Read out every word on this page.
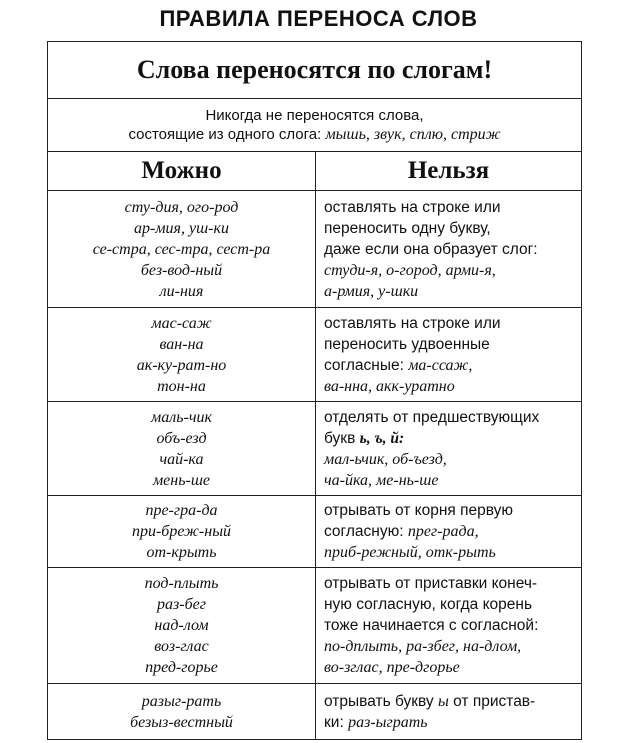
ПРАВИЛА ПЕРЕНОСА СЛОВ
Слова переносятся по слогам!	

Никогда не переносятся слова,
состоящие из одного слога: мышь, звук, сплю, стриж	

Можно	Нельзя

сту-дия, ого-род
ар-мия, уш-ки
се-стра, сес-тра, сест-ра
без-вод-ный
ли-ния	оставлять на строке или
переносить одну букву,
даже если она образует слог:
студи-я, о-город, арми-я,
а-рмия, у-шки

мас-саж
ван-на
ак-ку-рат-но
тон-на	оставлять на строке или
переносить удвоенные
согласные: ма-ссаж,
ва-нна, акк-уратно

маль-чик
объ-езд
чай-ка
мень-ше	отделять от предшествующих
букв ь, ъ, й:
мал-ьчик, об-ъезд,
ча-йка, ме-нь-ше

пре-гра-да
при-бреж-ный
от-крыть	отрывать от корня первую
согласную: прег-рада,
приб-режный, отк-рыть

под-плыть
раз-бег
над-лом
воз-глас
пред-горье	отрывать от приставки конеч-
ную согласную, когда корень
тоже начинается с согласной:
по-дплыть, ра-збег, на-длом,
во-зглас, пре-дгорье

разыг-рать
безыз-вестный	отрывать букву ы от пристав-
ки: раз-ыграть
